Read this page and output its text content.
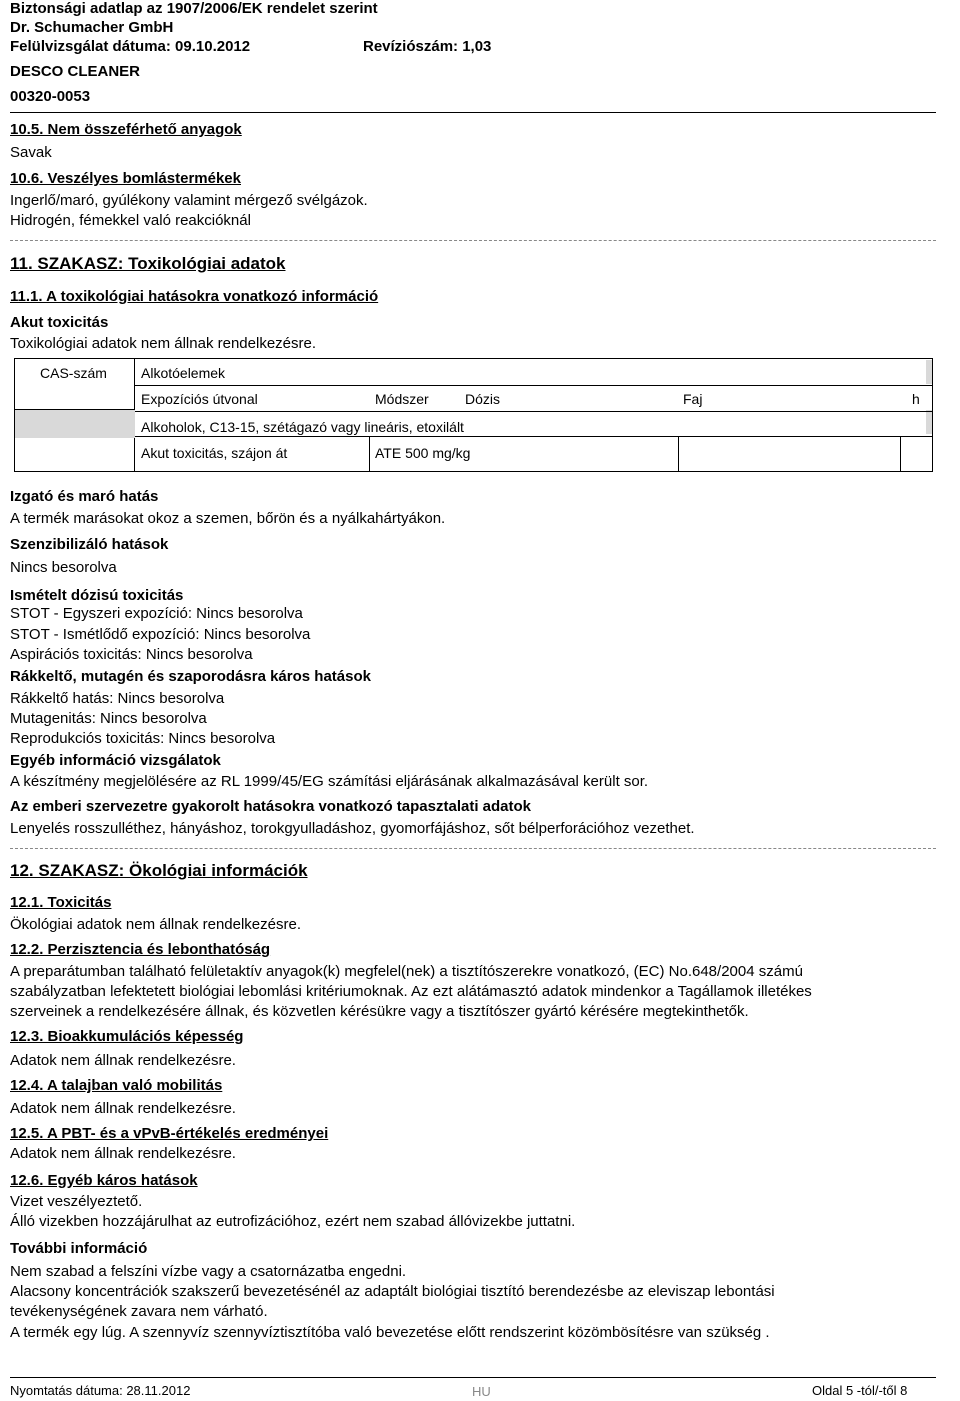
Biztonsági adatlap az 1907/2006/EK rendelet szerint
Dr. Schumacher GmbH
Felülvizsgálat dátuma: 09.10.2012	Revíziószám: 1,03
DESCO CLEANER
00320-0053
10.5. Nem összeférhető anyagok
Savak
10.6. Veszélyes bomlástermékek
Ingerlő/maró, gyúlékony valamint mérgező svélgázok.
Hidrogén, fémekkel való reakcióknál
11. SZAKASZ: Toxikológiai adatok
11.1. A toxikológiai hatásokra vonatkozó információ
Akut toxicitás
Toxikológiai adatok nem állnak rendelkezésre.
CAS-szám Alkotóelemek
Expozíciós útvonal	Módszer	Dózis	Faj	h
Alkoholok, C13-15, szétágazó vagy lineáris, etoxilált
Akut toxicitás, szájon át	ATE 500 mg/kg
Izgató és maró hatás
A termék marásokat okoz a szemen, bőrön és a nyálkahártyákon.
Szenzibilizáló hatások
Nincs besorolva
Ismételt dózisú toxicitás
STOT - Egyszeri expozíció: Nincs besorolva
STOT - Ismétlődő expozíció: Nincs besorolva
Aspirációs toxicitás: Nincs besorolva
Rákkeltő, mutagén és szaporodásra káros hatások
Rákkeltő hatás: Nincs besorolva
Mutagenitás: Nincs besorolva
Reprodukciós toxicitás: Nincs besorolva
Egyéb információ vizsgálatok
A készítmény megjelölésére az RL 1999/45/EG számítási eljárásának alkalmazásával került sor.
Az emberi szervezetre gyakorolt hatásokra vonatkozó tapasztalati adatok
Lenyelés rosszulléthez, hányáshoz, torokgyulladáshoz, gyomorfájáshoz, sőt bélperforációhoz vezethet.
12. SZAKASZ: Ökológiai információk
12.1. Toxicitás
Ökológiai adatok nem állnak rendelkezésre.
12.2. Perzisztencia és lebonthatóság
A preparátumban található felületaktív anyagok(k) megfelel(nek) a tisztítószerekre vonatkozó, (EC) No.648/2004 számú
szabályzatban lefektetett biológiai lebomlási kritériumoknak. Az ezt alátámasztó adatok mindenkor a Tagállamok illetékes
szerveinek a rendelkezésére állnak, és közvetlen kérésükre vagy a tisztítószer gyártó kérésére megtekinthetők.
12.3. Bioakkumulációs képesség
Adatok nem állnak rendelkezésre.
12.4. A talajban való mobilitás
Adatok nem állnak rendelkezésre.
12.5. A PBT- és a vPvB-értékelés eredményei
Adatok nem állnak rendelkezésre.
12.6. Egyéb káros hatások
Vizet veszélyeztető.
Álló vizekben hozzájárulhat az eutrofizációhoz, ezért nem szabad állóvizekbe juttatni.
További információ
Nem szabad a felszíni vízbe vagy a csatornázatba engedni.
Alacsony koncentrációk szakszerű bevezetésénél az adaptált biológiai tisztító berendezésbe az eleviszap lebontási
tevékenységének zavara nem várható.
A termék egy lúg. A szennyvíz szennyvíztisztítóba való bevezetése előtt rendszerint közömbösítésre van szükség .
Nyomtatás dátuma: 28.11.2012	HU	Oldal 5 -tól/-től 8
